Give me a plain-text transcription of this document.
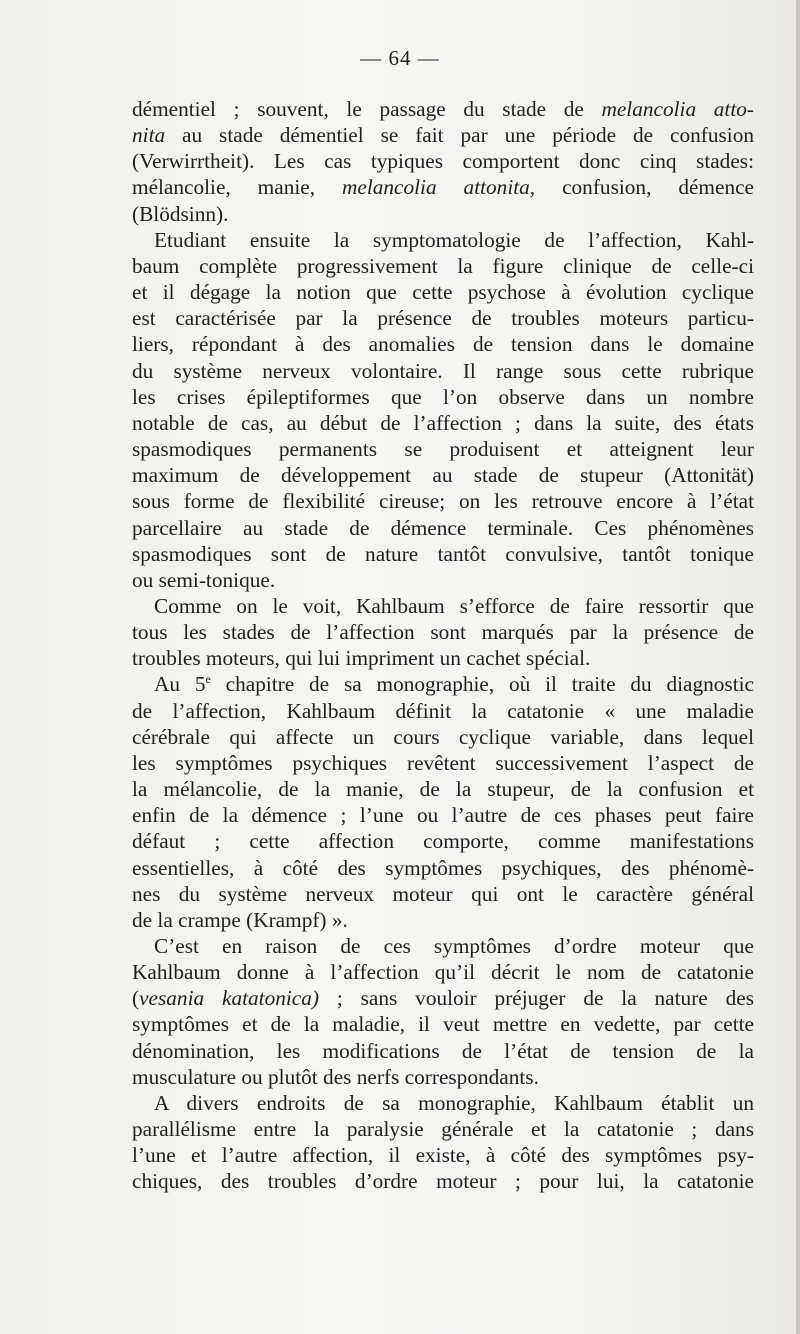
— 64 —
démentiel ; souvent, le passage du stade de melancolia atto-
nita au stade démentiel se fait par une période de confusion
(Verwirrtheit). Les cas typiques comportent donc cinq stades:
mélancolie, manie, melancolia attonita, confusion, démence
(Blödsinn).
Etudiant ensuite la symptomatologie de l’affection, Kahl-
baum complète progressivement la figure clinique de celle-ci
et il dégage la notion que cette psychose à évolution cyclique
est caractérisée par la présence de troubles moteurs particu-
liers, répondant à des anomalies de tension dans le domaine
du système nerveux volontaire. Il range sous cette rubrique
les crises épileptiformes que l’on observe dans un nombre
notable de cas, au début de l’affection ; dans la suite, des états
spasmodiques permanents se produisent et atteignent leur
maximum de développement au stade de stupeur (Attonität)
sous forme de flexibilité cireuse; on les retrouve encore à l’état
parcellaire au stade de démence terminale. Ces phénomènes
spasmodiques sont de nature tantôt convulsive, tantôt tonique
ou semi-tonique.
Comme on le voit, Kahlbaum s’efforce de faire ressortir que
tous les stades de l’affection sont marqués par la présence de
troubles moteurs, qui lui impriment un cachet spécial.
Au 5e chapitre de sa monographie, où il traite du diagnostic
de l’affection, Kahlbaum définit la catatonie « une maladie
cérébrale qui affecte un cours cyclique variable, dans lequel
les symptômes psychiques revêtent successivement l’aspect de
la mélancolie, de la manie, de la stupeur, de la confusion et
enfin de la démence ; l’une ou l’autre de ces phases peut faire
défaut ; cette affection comporte, comme manifestations
essentielles, à côté des symptômes psychiques, des phénomè-
nes du système nerveux moteur qui ont le caractère général
de la crampe (Krampf) ».
C’est en raison de ces symptômes d’ordre moteur que
Kahlbaum donne à l’affection qu’il décrit le nom de catatonie
(vesania katatonica) ; sans vouloir préjuger de la nature des
symptômes et de la maladie, il veut mettre en vedette, par cette
dénomination, les modifications de l’état de tension de la
musculature ou plutôt des nerfs correspondants.
A divers endroits de sa monographie, Kahlbaum établit un
parallélisme entre la paralysie générale et la catatonie ; dans
l’une et l’autre affection, il existe, à côté des symptômes psy-
chiques, des troubles d’ordre moteur ; pour lui, la catatonie
